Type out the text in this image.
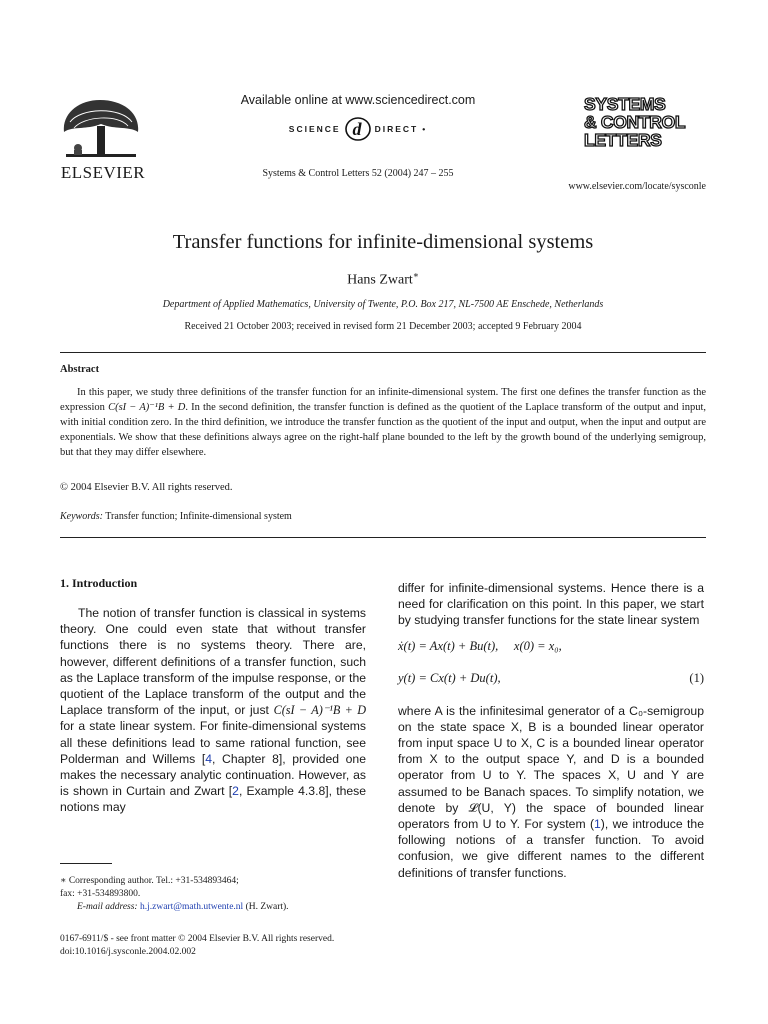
ELSEVIER
Available online at www.sciencedirect.com
SCIENCE d DIRECT •
Systems & Control Letters 52 (2004) 247 – 255
SYSTEMS
& CONTROL
LETTERS
www.elsevier.com/locate/sysconle
Transfer functions for infinite-dimensional systems
Hans Zwart∗
Department of Applied Mathematics, University of Twente, P.O. Box 217, NL-7500 AE Enschede, Netherlands
Received 21 October 2003; received in revised form 21 December 2003; accepted 9 February 2004
Abstract
In this paper, we study three definitions of the transfer function for an infinite-dimensional system. The first one defines the transfer function as the expression C(sI − A)⁻¹B + D. In the second definition, the transfer function is defined as the quotient of the Laplace transform of the output and input, with initial condition zero. In the third definition, we introduce the transfer function as the quotient of the input and output, when the input and output are exponentials. We show that these definitions always agree on the right-half plane bounded to the left by the growth bound of the underlying semigroup, but that they may differ elsewhere.
© 2004 Elsevier B.V. All rights reserved.
Keywords: Transfer function; Infinite-dimensional system
1. Introduction

The notion of transfer function is classical in systems theory. One could even state that without transfer functions there is no systems theory. There are, however, different definitions of a transfer function, such as the Laplace transform of the impulse response, or the quotient of the Laplace transform of the output and the Laplace transform of the input, or just C(sI − A)⁻¹B + D for a state linear system. For finite-dimensional systems all these definitions lead to same rational function, see Polderman and Willems [4, Chapter 8], provided one makes the necessary analytic continuation. However, as is shown in Curtain and Zwart [2, Example 4.3.8], these notions may

differ for infinite-dimensional systems. Hence there is a need for clarification on this point. In this paper, we start by studying transfer functions for the state linear system

ẋ(t) = Ax(t) + Bu(t),     x(0) = x₀,
y(t) = Cx(t) + Du(t),	(1)

where A is the infinitesimal generator of a C₀-semigroup on the state space X, B is a bounded linear operator from input space U to X, C is a bounded linear operator from X to the output space Y, and D is a bounded operator from U to Y. The spaces X, U and Y are assumed to be Banach spaces. To simplify notation, we denote by 𝓛(U, Y) the space of bounded linear operators from U to Y. For system (1), we introduce the following notions of a transfer function. To avoid confusion, we give different names to the different definitions of transfer functions.

∗ Corresponding author. Tel.: +31-534893464;
fax: +31-534893800.
E-mail address: h.j.zwart@math.utwente.nl (H. Zwart).
0167-6911/$ - see front matter © 2004 Elsevier B.V. All rights reserved.
doi:10.1016/j.sysconle.2004.02.002
